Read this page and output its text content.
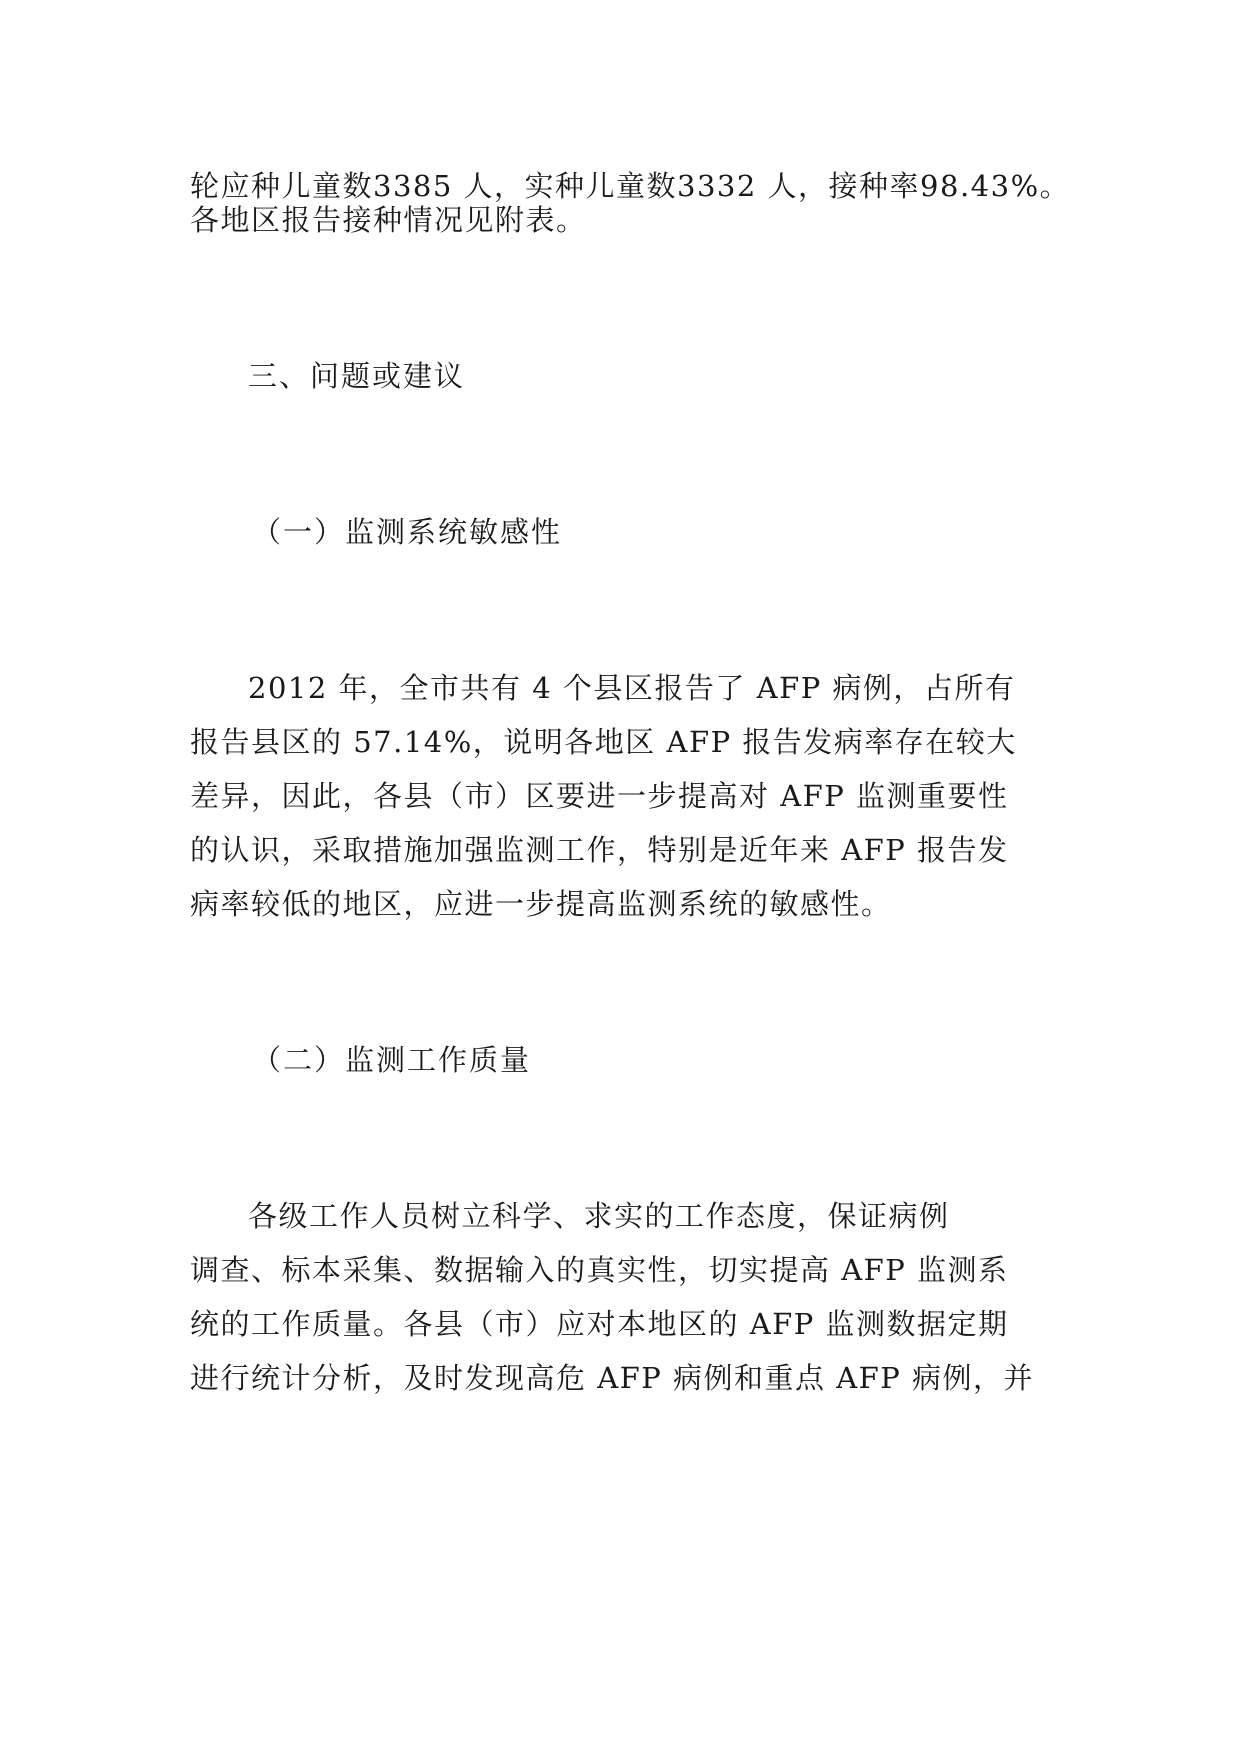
轮应种儿童数3385 人，实种儿童数3332 人，接种率98.43%。
各地区报告接种情况见附表。
三、问题或建议
（一）监测系统敏感性
2012 年，全市共有 4 个县区报告了 AFP 病例，占所有
报告县区的 57.14%，说明各地区 AFP 报告发病率存在较大
差异，因此，各县（市）区要进一步提高对 AFP 监测重要性
的认识，采取措施加强监测工作，特别是近年来 AFP 报告发
病率较低的地区，应进一步提高监测系统的敏感性。
（二）监测工作质量
各级工作人员树立科学、求实的工作态度，保证病例
调查、标本采集、数据输入的真实性，切实提高 AFP 监测系
统的工作质量。各县（市）应对本地区的 AFP 监测数据定期
进行统计分析，及时发现高危 AFP 病例和重点 AFP 病例，并
